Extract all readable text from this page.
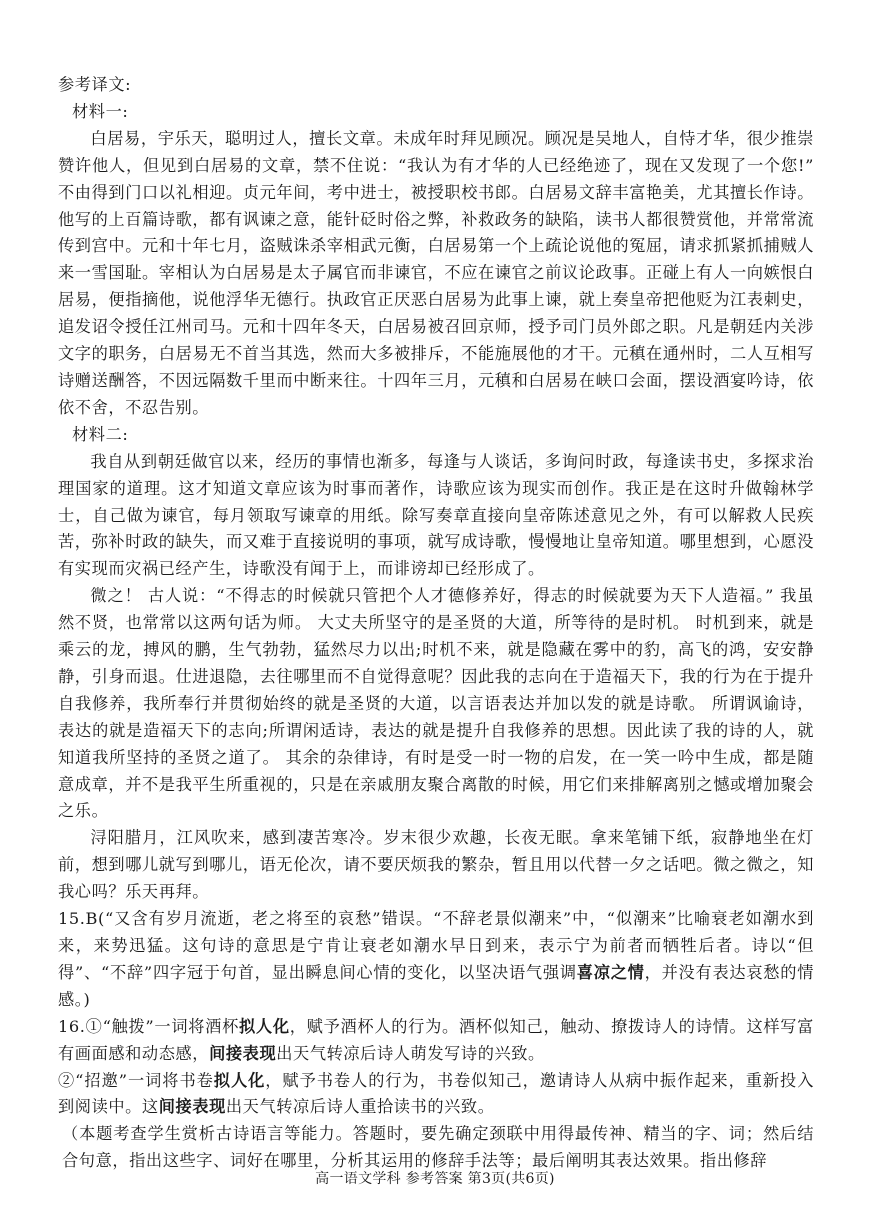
参考译文:

材料一:

白居易，宇乐天，聪明过人，擅长文章。未成年时拜见顾况。顾况是吴地人，自恃才华，很少推崇赞许他人，但见到白居易的文章，禁不住说：“我认为有才华的人已经绝迹了，现在又发现了一个您!” 不由得到门口以礼相迎。贞元年间，考中进士，被授职校书郎。白居易文辞丰富艳美，尤其擅长作诗。他写的上百篇诗歌，都有讽谏之意，能针砭时俗之弊，补救政务的缺陷，读书人都很赞赏他，并常常流传到宫中。元和十年七月，盗贼诛杀宰相武元衡，白居易第一个上疏论说他的冤屈，请求抓紧抓捕贼人来一雪国耻。宰相认为白居易是太子属官而非谏官，不应在谏官之前议论政事。正碰上有人一向嫉恨白居易，便指摘他，说他浮华无德行。执政官正厌恶白居易为此事上谏，就上奏皇帝把他贬为江表刺史，追发诏令授任江州司马。元和十四年冬天，白居易被召回京师，授予司门员外郎之职。凡是朝廷内关涉文字的职务，白居易无不首当其选，然而大多被排斥，不能施展他的才干。元稹在通州时，二人互相写诗赠送酬答，不因远隔数千里而中断来往。十四年三月，元稹和白居易在峡口会面，摆设酒宴吟诗，依依不舍，不忍告别。

材料二:

我自从到朝廷做官以来，经历的事情也渐多，每逢与人谈话，多询问时政，每逢读书史，多探求治理国家的道理。这才知道文章应该为时事而著作，诗歌应该为现实而创作。我正是在这时升做翰林学士，自己做为谏官，每月领取写谏章的用纸。除写奏章直接向皇帝陈述意见之外，有可以解救人民疾苦，弥补时政的缺失，而又难于直接说明的事项，就写成诗歌，慢慢地让皇帝知道。哪里想到，心愿没有实现而灾祸已经产生，诗歌没有闻于上，而诽谤却已经形成了。

微之！ 古人说：“不得志的时候就只管把个人才德修养好，得志的时候就要为天下人造福。” 我虽然不贤，也常常以这两句话为师。 大丈夫所坚守的是圣贤的大道，所等待的是时机。 时机到来，就是乘云的龙，搏风的鹏，生气勃勃，猛然尽力以出;时机不来，就是隐藏在雾中的豹，高飞的鸿，安安静静，引身而退。仕进退隐，去往哪里而不自觉得意呢？因此我的志向在于造福天下，我的行为在于提升自我修养，我所奉行并贯彻始终的就是圣贤的大道，以言语表达并加以发的就是诗歌。 所谓讽谕诗，表达的就是造福天下的志向;所谓闲适诗，表达的就是提升自我修养的思想。因此读了我的诗的人，就知道我所坚持的圣贤之道了。 其余的杂律诗，有时是受一时一物的启发，在一笑一吟中生成，都是随意成章，并不是我平生所重视的，只是在亲戚朋友聚合离散的时候，用它们来排解离别之憾或增加聚会之乐。

浔阳腊月，江风吹来，感到凄苦寒冷。岁末很少欢趣，长夜无眠。拿来笔铺下纸，寂静地坐在灯前，想到哪儿就写到哪儿，语无伦次，请不要厌烦我的繁杂，暂且用以代替一夕之话吧。微之微之，知我心吗？乐天再拜。

15.B(“又含有岁月流逝，老之将至的哀愁”错误。“不辞老景似潮来”中，“似潮来”比喻衰老如潮水到来，来势迅猛。这句诗的意思是宁肯让衰老如潮水早日到来，表示宁为前者而牺牲后者。诗以“但得”、“不辞”四字冠于句首，显出瞬息间心情的变化，以坚决语气强调喜凉之情，并没有表达哀愁的情感。)

16.①“触拨”一词将酒杯拟人化，赋予酒杯人的行为。酒杯似知己，触动、撩拨诗人的诗情。这样写富有画面感和动态感，间接表现出天气转凉后诗人萌发写诗的兴致。

②“招邀”一词将书卷拟人化，赋予书卷人的行为，书卷似知己，邀请诗人从病中振作起来，重新投入到阅读中。这间接表现出天气转凉后诗人重拾读书的兴致。

（本题考查学生赏析古诗语言等能力。答题时，要先确定颈联中用得最传神、精当的字、词；然后结合句意，指出这些字、词好在哪里，分析其运用的修辞手法等；最后阐明其表达效果。指出修辞

高一语文学科 参考答案 第3页(共6页)
